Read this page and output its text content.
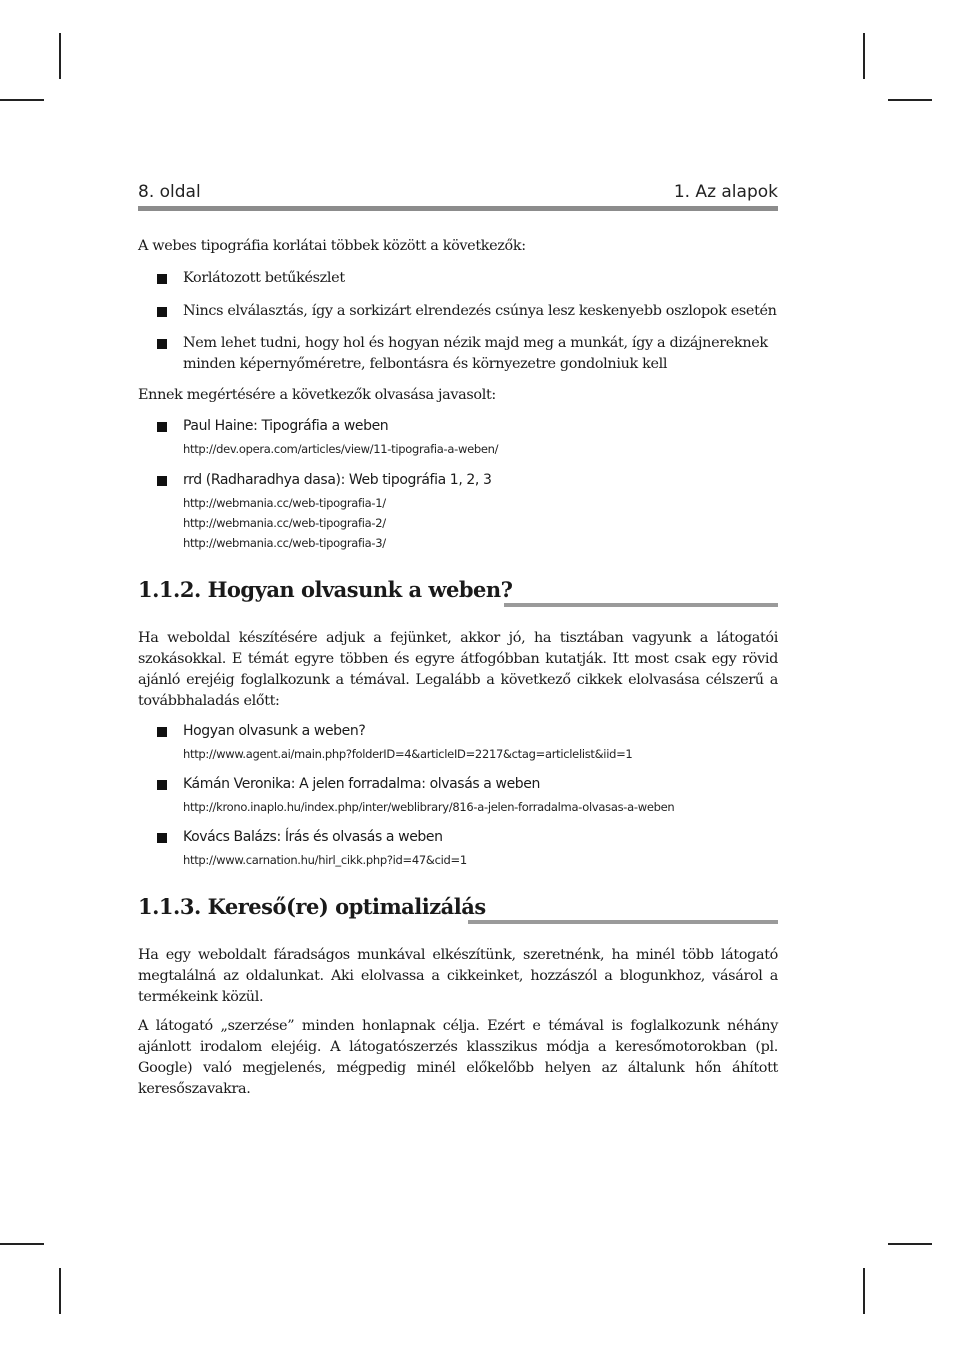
8. oldal	1. Az alapok
A webes tipográfia korlátai többek között a következők:
Korlátozott betűkészlet
Nincs elválasztás, így a sorkizárt elrendezés csúnya lesz keskenyebb oszlopok esetén
Nem lehet tudni, hogy hol és hogyan nézik majd meg a munkát, így a dizájnereknek minden képernyőméretre, felbontásra és környezetre gondolniuk kell
Ennek megértésére a következők olvasása javasolt:
Paul Haine: Tipográfia a weben
http://dev.opera.com/articles/view/11-tipografia-a-weben/
rrd (Radharadhya dasa): Web tipográfia 1, 2, 3
http://webmania.cc/web-tipografia-1/
http://webmania.cc/web-tipografia-2/
http://webmania.cc/web-tipografia-3/
1.1.2. Hogyan olvasunk a weben?
Ha weboldal készítésére adjuk a fejünket, akkor jó, ha tisztában vagyunk a látogatói szokásokkal. E témát egyre többen és egyre átfogóbban kutatják. Itt most csak egy rövid ajánló erejéig foglalkozunk a témával. Legalább a következő cikkek elolvasása célszerű a továbbhaladás előtt:
Hogyan olvasunk a weben?
http://www.agent.ai/main.php?folderID=4&articleID=2217&ctag=articlelist&iid=1
Kámán Veronika: A jelen forradalma: olvasás a weben
http://krono.inaplo.hu/index.php/inter/weblibrary/816-a-jelen-forradalma-olvasas-a-weben
Kovács Balázs: Írás és olvasás a weben
http://www.carnation.hu/hirl_cikk.php?id=47&cid=1
1.1.3. Kereső(re) optimalizálás
Ha egy weboldalt fáradságos munkával elkészítünk, szeretnénk, ha minél több látogató megtalálná az oldalunkat. Aki elolvassa a cikkeinket, hozzászól a blogunkhoz, vásárol a termékeink közül.
A látogató „szerzése” minden honlapnak célja. Ezért e témával is foglalkozunk néhány ajánlott irodalom elejéig. A látogatószerzés klasszikus módja a keresőmotorokban (pl. Google) való megjelenés, mégpedig minél előkelőbb helyen az általunk hőn áhított keresőszavakra.
